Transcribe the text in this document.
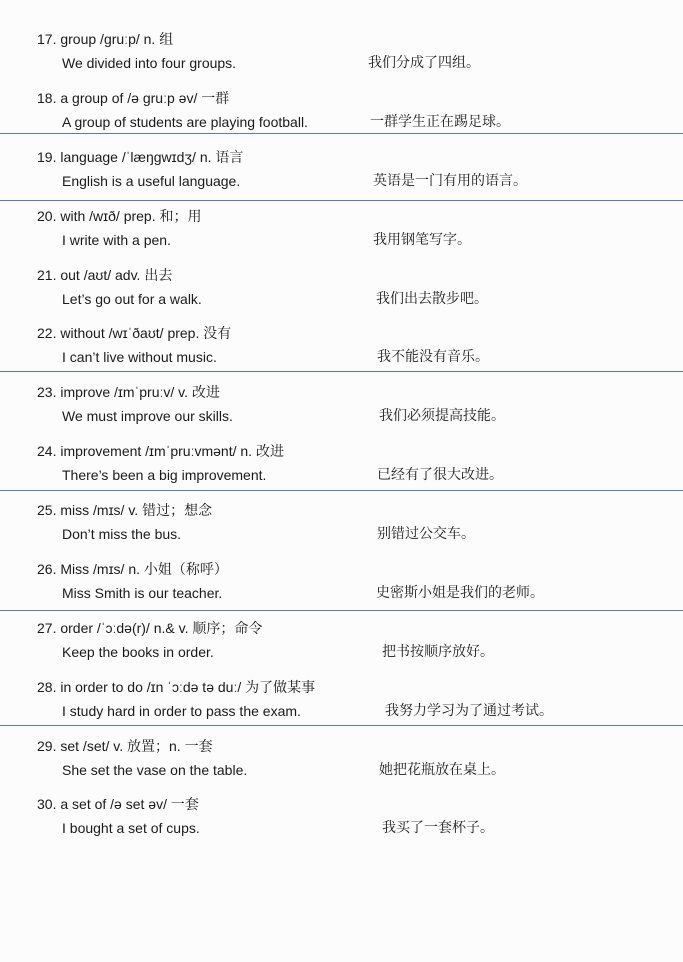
17. group /gruːp/ n. 组
We divided into four groups.	我们分成了四组。
18. a group of /ə gruːp əv/ 一群
A group of students are playing football.	一群学生正在踢足球。
19. language /ˈlæŋɡwɪdʒ/ n. 语言
English is a useful language.	英语是一门有用的语言。
20. with /wɪð/ prep. 和；用
I write with a pen.	我用钢笔写字。
21. out /aʊt/ adv. 出去
Let’s go out for a walk.	我们出去散步吧。
22. without /wɪˈðaʊt/ prep. 没有
I can’t live without music.	我不能没有音乐。
23. improve /ɪmˈpruːv/ v. 改进
We must improve our skills.	我们必须提高技能。
24. improvement /ɪmˈpruːvmənt/ n. 改进
There’s been a big improvement.	已经有了很大改进。
25. miss /mɪs/ v. 错过；想念
Don’t miss the bus.	别错过公交车。
26. Miss /mɪs/ n. 小姐（称呼）
Miss Smith is our teacher.	史密斯小姐是我们的老师。
27. order /ˈɔːdə(r)/ n.& v. 顺序；命令
Keep the books in order.	把书按顺序放好。
28. in order to do /ɪn ˈɔːdə tə duː/ 为了做某事
I study hard in order to pass the exam.	我努力学习为了通过考试。
29. set /set/ v. 放置；n. 一套
She set the vase on the table.	她把花瓶放在桌上。
30. a set of /ə set əv/ 一套
I bought a set of cups.	我买了一套杯子。
